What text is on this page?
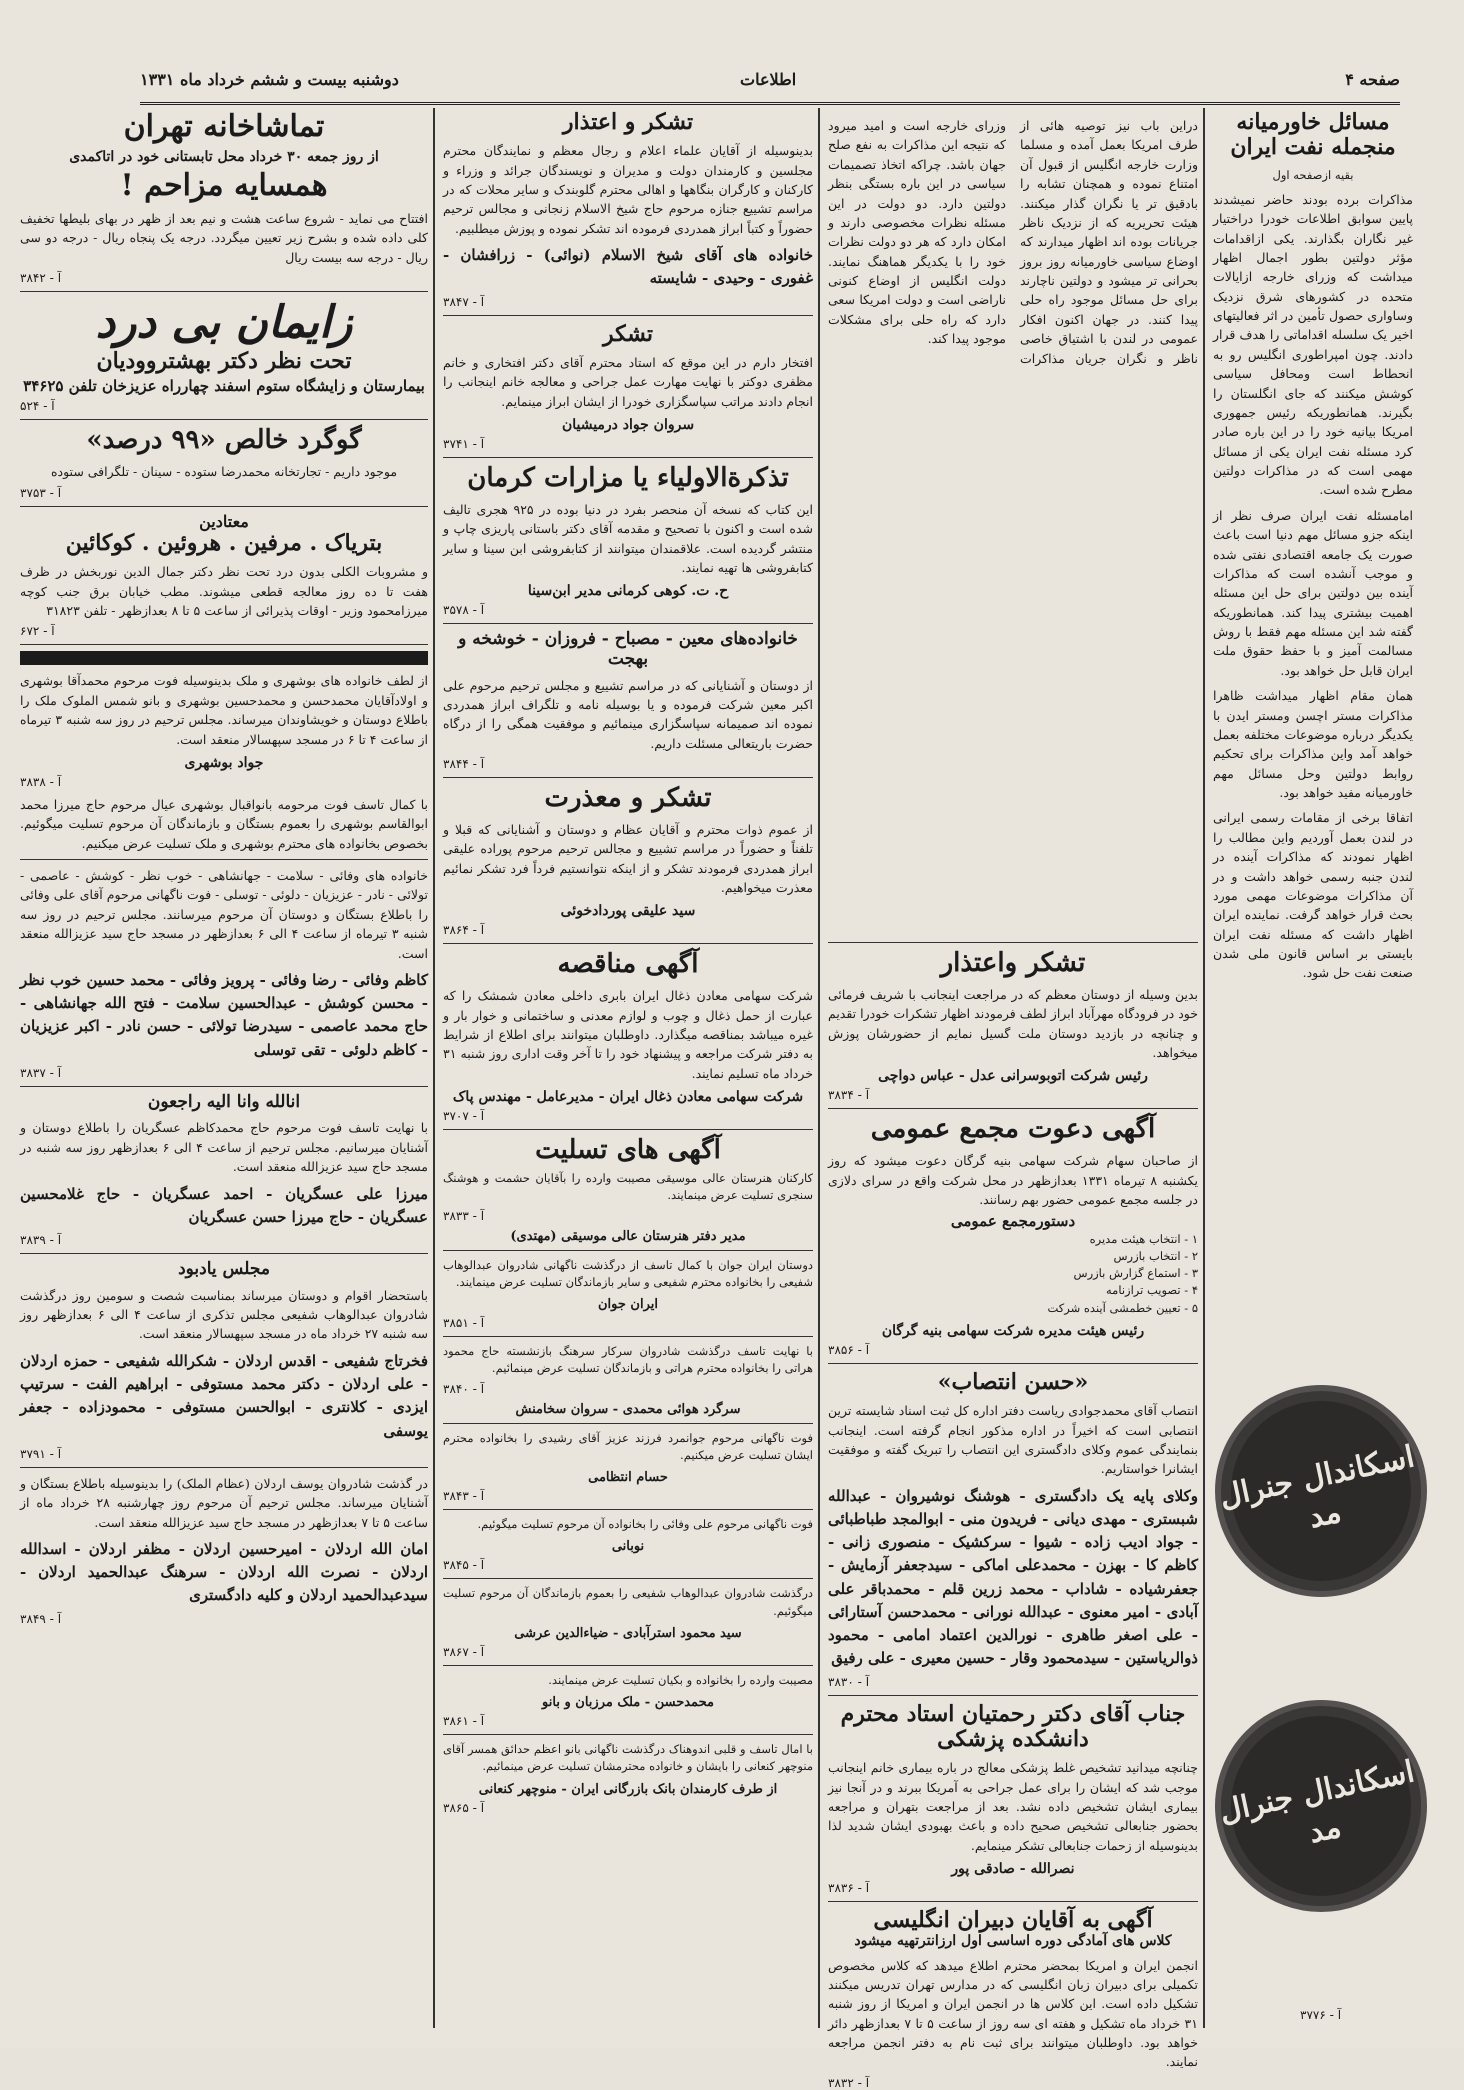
دوشنبه بیست و ششم خرداد ماه ۱۳۳۱	اطلاعات	صفحه ۴
مسائل خاورمیانه منجمله نفت ایران
بقیه ازصفحه اول
مذاکرات برده بودند حاضر نمیشدند پایین سوابق اطلاعات خودرا دراختیار غیر نگاران بگذارند. یکی ازاقدامات مؤثر دولتین بطور اجمال اظهار میداشت که وزرای خارجه ازایالات متحده در کشورهای شرق نزدیک وساواری حصول تأمین در اثر فعالیتهای اخیر یک سلسله اقداماتی را هدف قرار دادند. چون امپراطوری انگلیس رو به انحطاط است ومحافل سیاسی کوشش میکنند که جای انگلستان را بگیرند. همانطوریکه رئیس جمهوری امریکا بیانیه خود را در این باره صادر کرد مسئله نفت ایران یکی از مسائل مهمی است که در مذاکرات دولتین مطرح شده است.
امامسئله نفت ایران صرف نظر از اینکه جزو مسائل مهم دنیا است باعث صورت یک جامعه اقتصادی نفتی شده و موجب آنشده است که مذاکرات آینده بین دولتین برای حل این مسئله اهمیت بیشتری پیدا کند. همانطوریکه گفته شد این مسئله مهم فقط با روش مسالمت آمیز و با حفظ حقوق ملت ایران قابل حل خواهد بود.
همان مقام اظهار میداشت ظاهرا مذاکرات مستر اچسن ومستر ایدن با یکدیگر درباره موضوعات مختلفه بعمل خواهد آمد واین مذاکرات برای تحکیم روابط دولتین وحل مسائل مهم خاورمیانه مفید خواهد بود.
اتفاقا برخی از مقامات رسمی ایرانی در لندن بعمل آوردیم واین مطالب را اظهار نمودند که مذاکرات آینده در لندن جنبه رسمی خواهد داشت و در آن مذاکرات موضوعات مهمی مورد بحث قرار خواهد گرفت. نماینده ایران اظهار داشت که مسئله نفت ایران بایستی بر اساس قانون ملی شدن صنعت نفت حل شود.
دراین باب نیز توصیه هائی از طرف امریکا بعمل آمده و مسلما وزارت خارجه انگلیس از قبول آن امتناع نموده و همچنان تشابه را بادقیق تر یا نگران گذار میکنند. هیئت تحریریه که از نزدیک ناظر جریانات بوده اند اظهار میدارند که اوضاع سیاسی خاورمیانه روز بروز بحرانی تر میشود و دولتین ناچارند برای حل مسائل موجود راه حلی پیدا کنند. در جهان اکنون افکار عمومی در لندن با اشتیاق خاصی ناظر و نگران جریان مذاکرات وزرای خارجه است و امید میرود که نتیجه این مذاکرات به نفع صلح جهان باشد. چراکه اتخاذ تصمیمات سیاسی در این باره بستگی بنظر دولتین دارد. دو دولت در این مسئله نظرات مخصوصی دارند و امکان دارد که هر دو دولت نظرات خود را با یکدیگر هماهنگ نمایند. دولت انگلیس از اوضاع کنونی ناراضی است و دولت امریکا سعی دارد که راه حلی برای مشکلات موجود پیدا کند.
تشکر واعتذار
بدین وسیله از دوستان معظم که در مراجعت اینجانب با شریف فرمائی خود در فرودگاه مهرآباد ابراز لطف فرمودند اظهار تشکرات خودرا تقدیم و چنانچه در بازدید دوستان ملت گسیل نمایم از حضورشان پوزش میخواهد.
رئیس شرکت اتوبوسرانی عدل - عباس دواچی
آ - ۳۸۳۴
آگهی دعوت مجمع عمومی
از صاحبان سهام شرکت سهامی بنیه گرگان دعوت میشود که روز یکشنبه ۸ تیرماه ۱۳۳۱ بعدازظهر در محل شرکت واقع در سرای دلازی در جلسه مجمع عمومی حضور بهم رسانند.
دستورمجمع عمومی
۱ - انتخاب هیئت مدیره
۲ - انتخاب بازرس
۳ - استماع گزارش بازرس
۴ - تصویب ترازنامه
۵ - تعیین خطمشی آینده شرکت
رئیس هیئت مدیره شرکت سهامی بنیه گرگان
آ - ۳۸۵۶
«حسن انتصاب»
انتصاب آقای محمدجوادی ریاست دفتر اداره کل ثبت اسناد شایسته ترین انتصابی است که اخیراً در اداره مذکور انجام گرفته است. اینجانب بنمایندگی عموم وکلای دادگستری این انتصاب را تبریک گفته و موفقیت ایشانرا خواستاریم.
وکلای پایه یک دادگستری - هوشنگ نوشیروان - عبدالله شبستری - مهدی دیانی - فریدون منی - ابوالمجد طباطبائی - جواد ادیب زاده - شیوا - سرکشیک - منصوری زانی - کاظم کا - بهزن - محمدعلی اماکی - سیدجعفر آزمایش - جعفرشیاده - شاداب - محمد زرین قلم - محمدباقر علی آبادی - امیر معنوی - عبدالله نورانی - محمدحسن آستارائی - علی اصغر طاهری - نورالدین اعتماد امامی - محمود ذوالریاستین - سیدمحمود وقار - حسین معیری - علی رفیق
آ - ۳۸۳۰
جناب آقای دکتر رحمتیان استاد محترم دانشکده پزشکی
چنانچه میدانید تشخیص غلط پزشکی معالج در باره بیماری خانم اینجانب موجب شد که ایشان را برای عمل جراحی به آمریکا ببرند و در آنجا نیز بیماری ایشان تشخیص داده نشد. بعد از مراجعت بتهران و مراجعه بحضور جنابعالی تشخیص صحیح داده و باعث بهبودی ایشان شدید لذا بدینوسیله از زحمات جنابعالی تشکر مینمایم.
نصرالله - صادقی پور
آ - ۳۸۳۶
آگهی به آقایان دبیران انگلیسی
کلاس های آمادگی دوره اساسی اول ارزانترتهیه میشود
انجمن ایران و امریکا بمحضر محترم اطلاع میدهد که کلاس مخصوص تکمیلی برای دبیران زبان انگلیسی که در مدارس تهران تدریس میکنند تشکیل داده است. این کلاس ها در انجمن ایران و امریکا از روز شنبه ۳۱ خرداد ماه تشکیل و هفته ای سه روز از ساعت ۵ تا ۷ بعدازظهر دائر خواهد بود. داوطلبان میتوانند برای ثبت نام به دفتر انجمن مراجعه نمایند.
آ - ۳۸۳۲
تشکر و اعتذار
بدینوسیله از آقایان علماء اعلام و رجال معظم و نمایندگان محترم مجلسین و کارمندان دولت و مدیران و نویسندگان جرائد و وزراء و کارکنان و کارگران بنگاهها و اهالی محترم گلوبندک و سایر محلات که در مراسم تشییع جنازه مرحوم حاج شیخ الاسلام زنجانی و مجالس ترحیم حضوراً و کتباً ابراز همدردی فرموده اند تشکر نموده و پوزش میطلبیم.
خانواده های آقای شیخ الاسلام (نوائی) - زرافشان - غفوری - وحیدی - شایسته
آ - ۳۸۴۷
تشکر
افتخار دارم در این موقع که استاد محترم آقای دکتر افتخاری و خانم مظفری دوکتر با نهایت مهارت عمل جراحی و معالجه خانم اینجانب را انجام دادند مراتب سپاسگزاری خودرا از ایشان ابراز مینمایم.
سروان جواد درمیشیان
آ - ۳۷۴۱
تذکرةالاولیاء یا مزارات کرمان
این کتاب که نسخه آن منحصر بفرد در دنیا بوده در ۹۲۵ هجری تالیف شده است و اکنون با تصحیح و مقدمه آقای دکتر باستانی پاریزی چاپ و منتشر گردیده است. علاقمندان میتوانند از کتابفروشی ابن سینا و سایر کتابفروشی ها تهیه نمایند.
ح. ت. کوهی کرمانی مدیر ابن‌سینا
آ - ۳۵۷۸
خانواده‌های معین - مصباح - فروزان - خوشخه و بهجت
از دوستان و آشنایانی که در مراسم تشییع و مجلس ترحیم مرحوم علی اکبر معین شرکت فرموده و یا بوسیله نامه و تلگراف ابراز همدردی نموده اند صمیمانه سپاسگزاری مینمائیم و موفقیت همگی را از درگاه حضرت باریتعالی مسئلت داریم.
آ - ۳۸۴۴
تشکر و معذرت
از عموم ذوات محترم و آقایان عظام و دوستان و آشنایانی که قبلا و تلفناً و حضوراً در مراسم تشییع و مجالس ترحیم مرحوم پوراده علیقی ابراز همدردی فرمودند تشکر و از اینکه نتوانستیم فرداً فرد تشکر نمائیم معذرت میخواهیم.
سید علیقی پوردادخوئی
آ - ۳۸۶۴
آگهی مناقصه
شرکت سهامی معادن ذغال ایران بابری داخلی معادن شمشک را که عبارت از حمل ذغال و چوب و لوازم معدنی و ساختمانی و خوار بار و غیره میباشد بمناقصه میگذارد. داوطلبان میتوانند برای اطلاع از شرایط به دفتر شرکت مراجعه و پیشنهاد خود را تا آخر وقت اداری روز شنبه ۳۱ خرداد ماه تسلیم نمایند.
شرکت سهامی معادن ذغال ایران - مدیرعامل - مهندس پاک
آ - ۳۷۰۷
آگهی های تسلیت
کارکنان هنرستان عالی موسیقی مصیبت وارده را بآقایان حشمت و هوشنگ سنجری تسلیت عرض مینمایند.
آ - ۳۸۳۳
مدیر دفتر هنرستان عالی موسیقی (مهتدی)
دوستان ایران جوان با کمال تاسف از درگذشت ناگهانی شادروان عبدالوهاب شفیعی را بخانواده محترم شفیعی و سایر بازماندگان تسلیت عرض مینمایند.
ایران جوان
آ - ۳۸۵۱
با نهایت تاسف درگذشت شادروان سرکار سرهنگ بازنشسته حاج محمود هراتی را بخانواده محترم هراتی و بازماندگان تسلیت عرض مینمائیم.
آ - ۳۸۴۰
سرگرد هوائی محمدی - سروان سخامنش
فوت ناگهانی مرحوم جوانمرد فرزند عزیز آقای رشیدی را بخانواده محترم ایشان تسلیت عرض میکنیم.
حسام انتظامی
آ - ۳۸۴۳
فوت ناگهانی مرحوم علی وفائی را بخانواده آن مرحوم تسلیت میگوئیم.
نوبانی
آ - ۳۸۴۵
درگذشت شادروان عبدالوهاب شفیعی را بعموم بازماندگان آن مرحوم تسلیت میگوئیم.
سید محمود استرآبادی - ضیاءالدین عرشی
آ - ۳۸۶۷
مصیبت وارده را بخانواده و بکیان تسلیت عرض مینمایند.
محمدحسن - ملک مرزبان و بانو
آ - ۳۸۶۱
با امال تاسف و قلبی اندوهناک درگذشت ناگهانی بانو اعظم حدائق همسر آقای منوچهر کنعانی را بایشان و خانواده محترمشان تسلیت عرض مینمائیم.
از طرف کارمندان بانک بازرگانی ایران - منوچهر کنعانی
آ - ۳۸۶۵
تماشاخانه تهران
از روز جمعه ۳۰ خرداد محل تابستانی خود در اتاکمدی
همسایه مزاحم !
افتتاح می نماید - شروع ساعت هشت و نیم بعد از ظهر در بهای بلیطها تخفیف کلی داده شده و بشرح زیر تعیین میگردد. درجه یک پنجاه ریال - درجه دو سی ریال - درجه سه بیست ریال
آ - ۳۸۴۲
زایمان بی درد
تحت نظر دکتر بهشتروودیان
بیمارستان و زایشگاه ستوم اسفند چهارراه عزیزخان تلفن ۳۴۶۲۵
آ - ۵۲۴
گوگرد خالص «۹۹ درصد»
موجود داریم - تجارتخانه محمدرضا ستوده - سینان - تلگرافی ستوده
آ - ۳۷۵۳
معتادین
بتریاک . مرفین . هروئین . کوکائین
و مشروبات الکلی بدون درد تحت نظر دکتر جمال الدین نوربخش در ظرف هفت تا ده روز معالجه قطعی میشوند. مطب خیابان برق جنب کوچه میرزامحمود وزیر - اوقات پذیرائی از ساعت ۵ تا ۸ بعدازظهر - تلفن ۳۱۸۲۳
آ - ۶۷۲
از لطف خانواده های بوشهری و ملک بدینوسیله فوت مرحوم محمدآقا بوشهری و اولادآقایان محمدحسن و محمدحسین بوشهری و بانو شمس الملوک ملک را باطلاع دوستان و خویشاوندان میرساند. مجلس ترحیم در روز سه شنبه ۳ تیرماه از ساعت ۴ تا ۶ در مسجد سپهسالار منعقد است.
جواد بوشهری
آ - ۳۸۳۸
با کمال تاسف فوت مرحومه بانواقبال بوشهری عیال مرحوم حاج میرزا محمد ابوالقاسم بوشهری را بعموم بستگان و بازماندگان آن مرحوم تسلیت میگوئیم. بخصوص بخانواده های محترم بوشهری و ملک تسلیت عرض میکنیم.
خانواده های وفائی - سلامت - جهانشاهی - خوب نظر - کوشش - عاصمی - تولائی - نادر - عزیزیان - دلوئی - توسلی - فوت ناگهانی مرحوم آقای علی وفائی را باطلاع بستگان و دوستان آن مرحوم میرسانند. مجلس ترحیم در روز سه شنبه ۳ تیرماه از ساعت ۴ الی ۶ بعدازظهر در مسجد حاج سید عزیزالله منعقد است.
کاظم وفائی - رضا وفائی - پرویز وفائی - محمد حسین خوب نظر - محسن کوشش - عبدالحسین سلامت - فتح الله جهانشاهی - حاج محمد عاصمی - سیدرضا تولائی - حسن نادر - اکبر عزیزیان - کاظم دلوئی - تقی توسلی
آ - ۳۸۳۷
انالله وانا الیه راجعون
با نهایت تاسف فوت مرحوم حاج محمدکاظم عسگریان را باطلاع دوستان و آشنایان میرسانیم. مجلس ترحیم از ساعت ۴ الی ۶ بعدازظهر روز سه شنبه در مسجد حاج سید عزیزالله منعقد است.
میرزا علی عسگریان - احمد عسگریان - حاج غلامحسین عسگریان - حاج میرزا حسن عسگریان
آ - ۳۸۳۹
مجلس یادبود
باستحضار اقوام و دوستان میرساند بمناسبت شصت و سومین روز درگذشت شادروان عبدالوهاب شفیعی مجلس تذکری از ساعت ۴ الی ۶ بعدازظهر روز سه شنبه ۲۷ خرداد ماه در مسجد سپهسالار منعقد است.
فخرتاج شفیعی - اقدس اردلان - شکرالله شفیعی - حمزه اردلان - علی اردلان - دکتر محمد مستوفی - ابراهیم الفت - سرتیپ ایزدی - کلانتری - ابوالحسن مستوفی - محمودزاده - جعفر یوسفی
آ - ۳۷۹۱
در گذشت شادروان یوسف اردلان (عظام الملک) را بدینوسیله باطلاع بستگان و آشنایان میرساند. مجلس ترحیم آن مرحوم روز چهارشنبه ۲۸ خرداد ماه از ساعت ۵ تا ۷ بعدازظهر در مسجد حاج سید عزیزالله منعقد است.
امان الله اردلان - امیرحسین اردلان - مظفر اردلان - اسدالله اردلان - نصرت الله اردلان - سرهنگ عبدالحمید اردلان - سیدعبدالحمید اردلان و کلیه دادگستری
آ - ۳۸۴۹
اسکاندال جنرال مد
اسکاندال جنرال مد
آ - ۳۷۷۶
